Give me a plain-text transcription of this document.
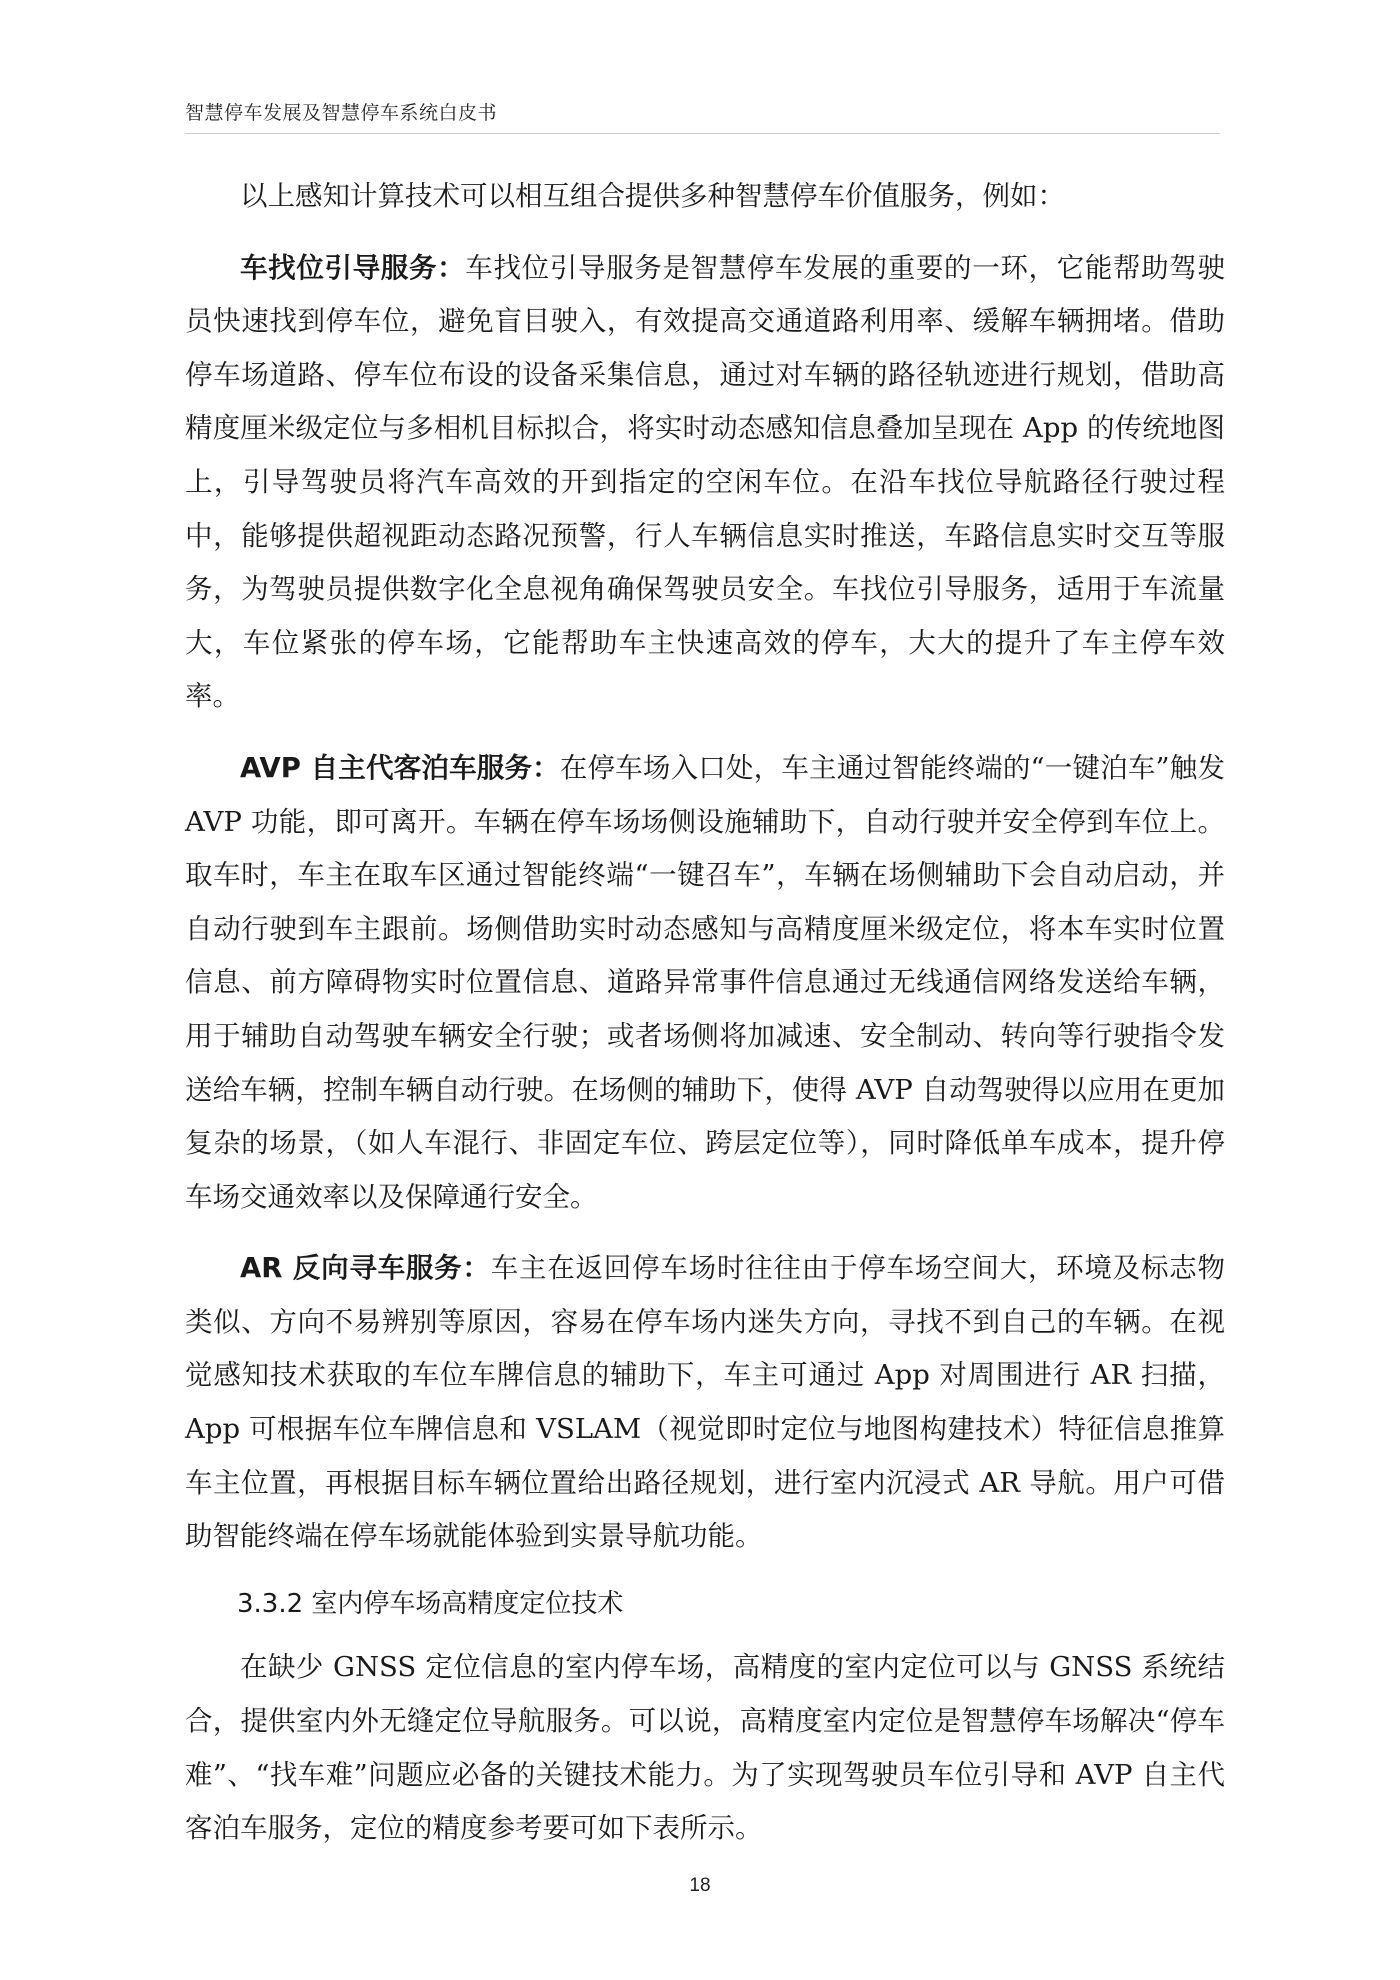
智慧停车发展及智慧停车系统白皮书

以上感知计算技术可以相互组合提供多种智慧停车价值服务，例如：

车找位引导服务：车找位引导服务是智慧停车发展的重要的一环，它能帮助驾驶员快速找到停车位，避免盲目驶入，有效提高交通道路利用率、缓解车辆拥堵。借助停车场道路、停车位布设的设备采集信息，通过对车辆的路径轨迹进行规划，借助高精度厘米级定位与多相机目标拟合，将实时动态感知信息叠加呈现在 App 的传统地图上，引导驾驶员将汽车高效的开到指定的空闲车位。在沿车找位导航路径行驶过程中，能够提供超视距动态路况预警，行人车辆信息实时推送，车路信息实时交互等服务，为驾驶员提供数字化全息视角确保驾驶员安全。车找位引导服务，适用于车流量大，车位紧张的停车场，它能帮助车主快速高效的停车，大大的提升了车主停车效率。

AVP 自主代客泊车服务：在停车场入口处，车主通过智能终端的“一键泊车”触发 AVP 功能，即可离开。车辆在停车场场侧设施辅助下，自动行驶并安全停到车位上。取车时，车主在取车区通过智能终端“一键召车”，车辆在场侧辅助下会自动启动，并自动行驶到车主跟前。场侧借助实时动态感知与高精度厘米级定位，将本车实时位置信息、前方障碍物实时位置信息、道路异常事件信息通过无线通信网络发送给车辆，用于辅助自动驾驶车辆安全行驶；或者场侧将加减速、安全制动、转向等行驶指令发送给车辆，控制车辆自动行驶。在场侧的辅助下，使得 AVP 自动驾驶得以应用在更加复杂的场景，（如人车混行、非固定车位、跨层定位等），同时降低单车成本，提升停车场交通效率以及保障通行安全。

AR 反向寻车服务：车主在返回停车场时往往由于停车场空间大，环境及标志物类似、方向不易辨别等原因，容易在停车场内迷失方向，寻找不到自己的车辆。在视觉感知技术获取的车位车牌信息的辅助下，车主可通过 App 对周围进行 AR 扫描，App 可根据车位车牌信息和 VSLAM（视觉即时定位与地图构建技术）特征信息推算车主位置，再根据目标车辆位置给出路径规划，进行室内沉浸式 AR 导航。用户可借助智能终端在停车场就能体验到实景导航功能。

3.3.2 室内停车场高精度定位技术

在缺少 GNSS 定位信息的室内停车场，高精度的室内定位可以与 GNSS 系统结合，提供室内外无缝定位导航服务。可以说，高精度室内定位是智慧停车场解决“停车难”、“找车难”问题应必备的关键技术能力。为了实现驾驶员车位引导和 AVP 自主代客泊车服务，定位的精度参考要可如下表所示。

18
